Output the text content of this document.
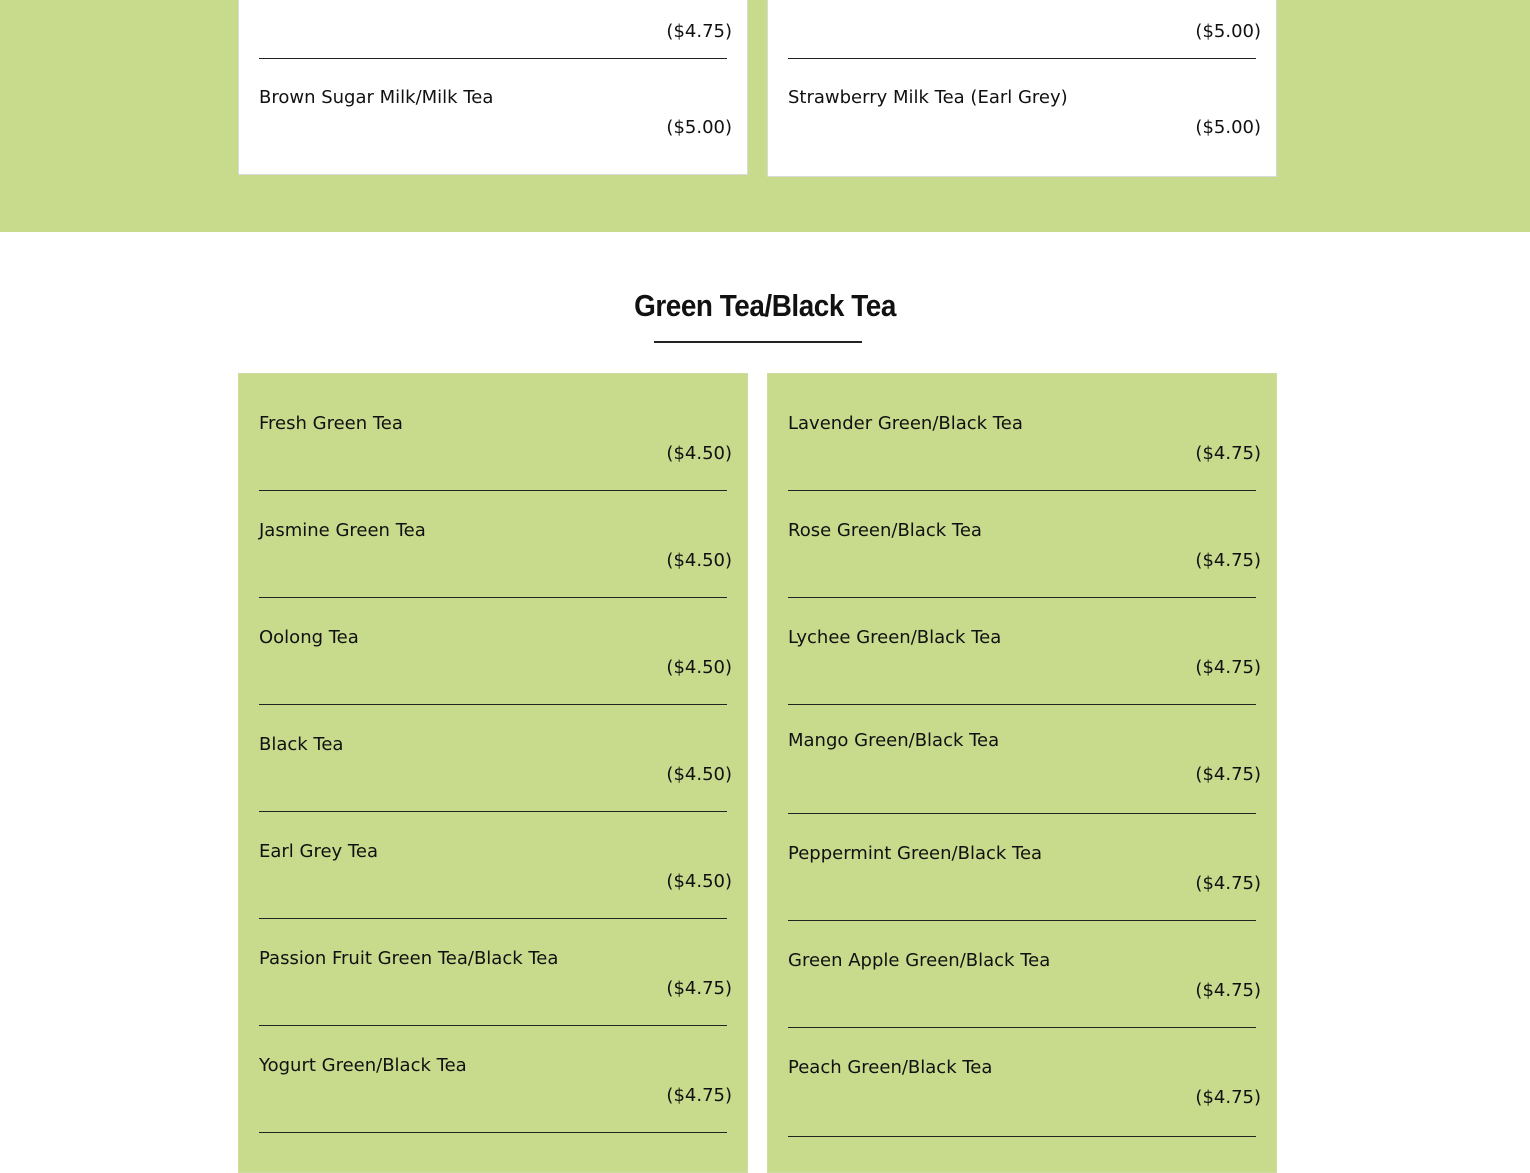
($4.75)
Brown Sugar Milk/Milk Tea
($5.00)
($5.00)
Strawberry Milk Tea (Earl Grey)
($5.00)
Green Tea/Black Tea
Fresh Green Tea
($4.50)
Jasmine Green Tea
($4.50)
Oolong Tea
($4.50)
Black Tea
($4.50)
Earl Grey Tea
($4.50)
Passion Fruit Green Tea/Black Tea
($4.75)
Yogurt Green/Black Tea
($4.75)
Lavender Green/Black Tea
($4.75)
Rose Green/Black Tea
($4.75)
Lychee Green/Black Tea
($4.75)
Mango Green/Black Tea
($4.75)
Peppermint Green/Black Tea
($4.75)
Green Apple Green/Black Tea
($4.75)
Peach Green/Black Tea
($4.75)
